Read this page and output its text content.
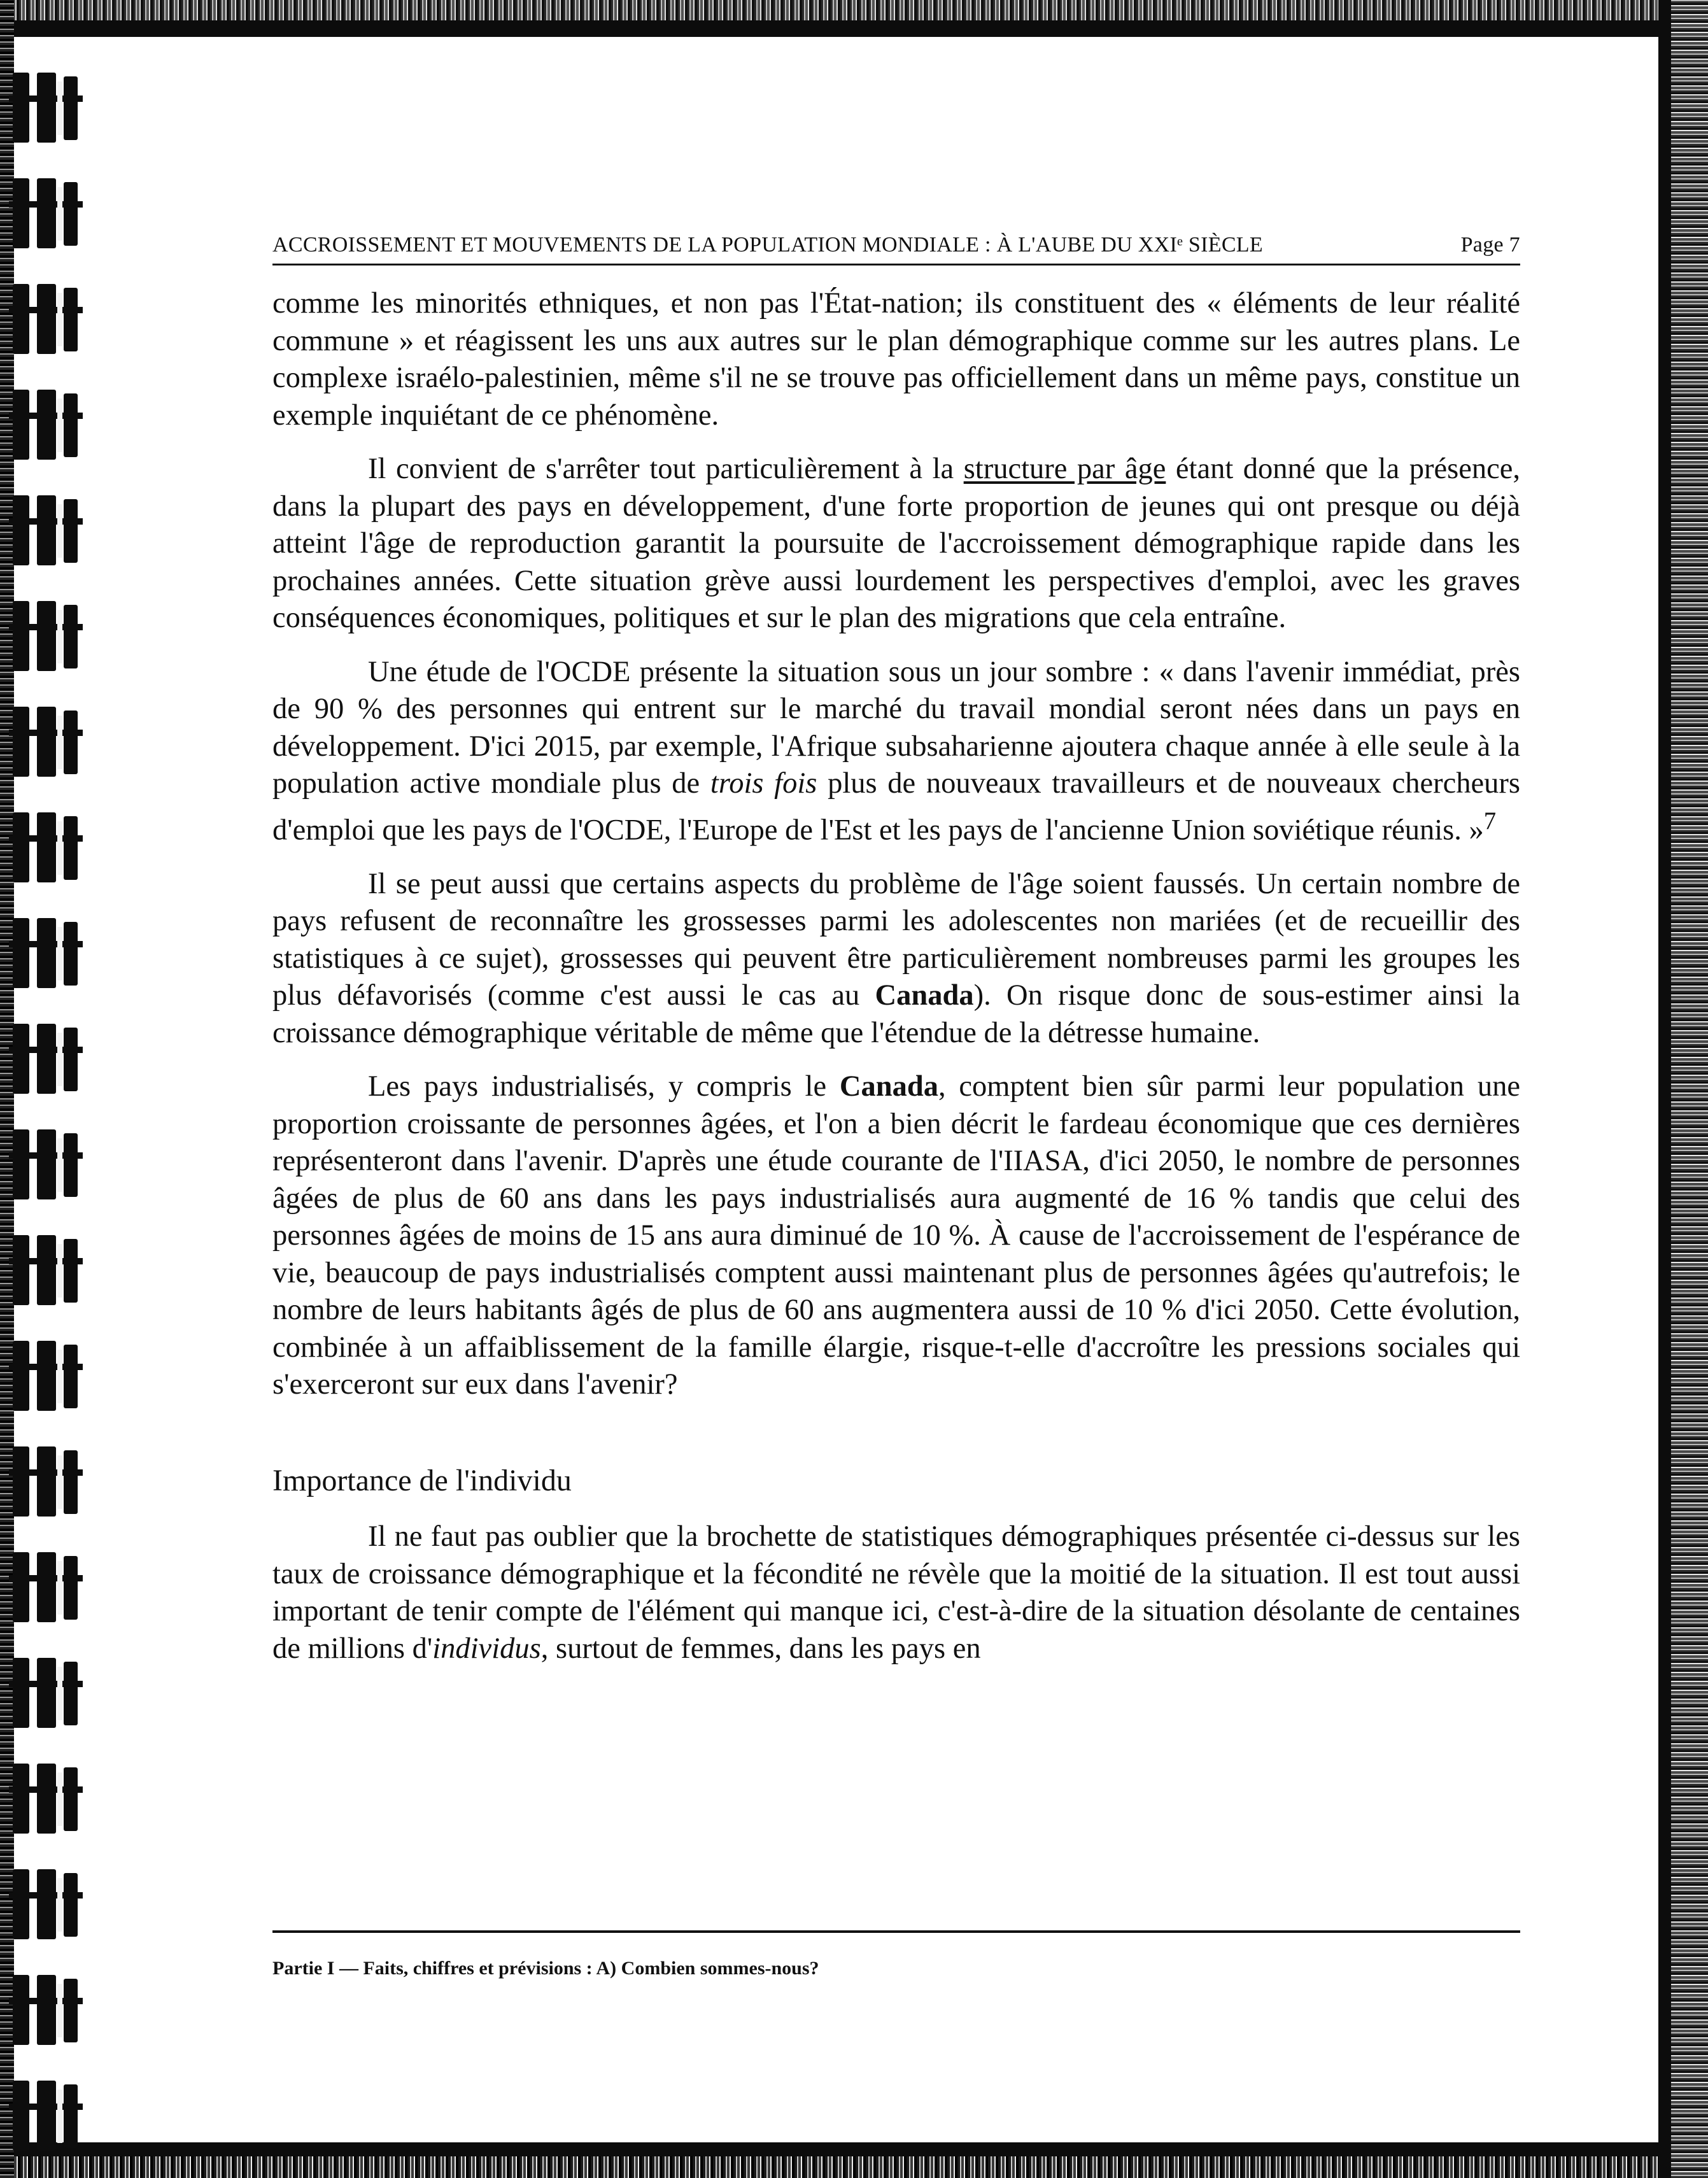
ACCROISSEMENT ET MOUVEMENTS DE LA POPULATION MONDIALE : À L'AUBE DU XXIᵉ SIÈCLE	Page 7

comme les minorités ethniques, et non pas l'État-nation; ils constituent des « éléments de leur réalité commune » et réagissent les uns aux autres sur le plan démographique comme sur les autres plans. Le complexe israélo-palestinien, même s'il ne se trouve pas officiellement dans un même pays, constitue un exemple inquiétant de ce phénomène.

Il convient de s'arrêter tout particulièrement à la structure par âge étant donné que la présence, dans la plupart des pays en développement, d'une forte proportion de jeunes qui ont presque ou déjà atteint l'âge de reproduction garantit la poursuite de l'accroissement démographique rapide dans les prochaines années. Cette situation grève aussi lourdement les perspectives d'emploi, avec les graves conséquences économiques, politiques et sur le plan des migrations que cela entraîne.

Une étude de l'OCDE présente la situation sous un jour sombre : « dans l'avenir immédiat, près de 90 % des personnes qui entrent sur le marché du travail mondial seront nées dans un pays en développement. D'ici 2015, par exemple, l'Afrique subsaharienne ajoutera chaque année à elle seule à la population active mondiale plus de trois fois plus de nouveaux travailleurs et de nouveaux chercheurs d'emploi que les pays de l'OCDE, l'Europe de l'Est et les pays de l'ancienne Union soviétique réunis. »$^7$

Il se peut aussi que certains aspects du problème de l'âge soient faussés. Un certain nombre de pays refusent de reconnaître les grossesses parmi les adolescentes non mariées (et de recueillir des statistiques à ce sujet), grossesses qui peuvent être particulièrement nombreuses parmi les groupes les plus défavorisés (comme c'est aussi le cas au Canada). On risque donc de sous-estimer ainsi la croissance démographique véritable de même que l'étendue de la détresse humaine.

Les pays industrialisés, y compris le Canada, comptent bien sûr parmi leur population une proportion croissante de personnes âgées, et l'on a bien décrit le fardeau économique que ces dernières représenteront dans l'avenir. D'après une étude courante de l'IIASA, d'ici 2050, le nombre de personnes âgées de plus de 60 ans dans les pays industrialisés aura augmenté de 16 % tandis que celui des personnes âgées de moins de 15 ans aura diminué de 10 %. À cause de l'accroissement de l'espérance de vie, beaucoup de pays industrialisés comptent aussi maintenant plus de personnes âgées qu'autrefois; le nombre de leurs habitants âgés de plus de 60 ans augmentera aussi de 10 % d'ici 2050. Cette évolution, combinée à un affaiblissement de la famille élargie, risque-t-elle d'accroître les pressions sociales qui s'exerceront sur eux dans l'avenir?

Importance de l'individu

Il ne faut pas oublier que la brochette de statistiques démographiques présentée ci-dessus sur les taux de croissance démographique et la fécondité ne révèle que la moitié de la situation. Il est tout aussi important de tenir compte de l'élément qui manque ici, c'est-à-dire de la situation désolante de centaines de millions d'individus, surtout de femmes, dans les pays en

Partie I — Faits, chiffres et prévisions : A) Combien sommes-nous?
